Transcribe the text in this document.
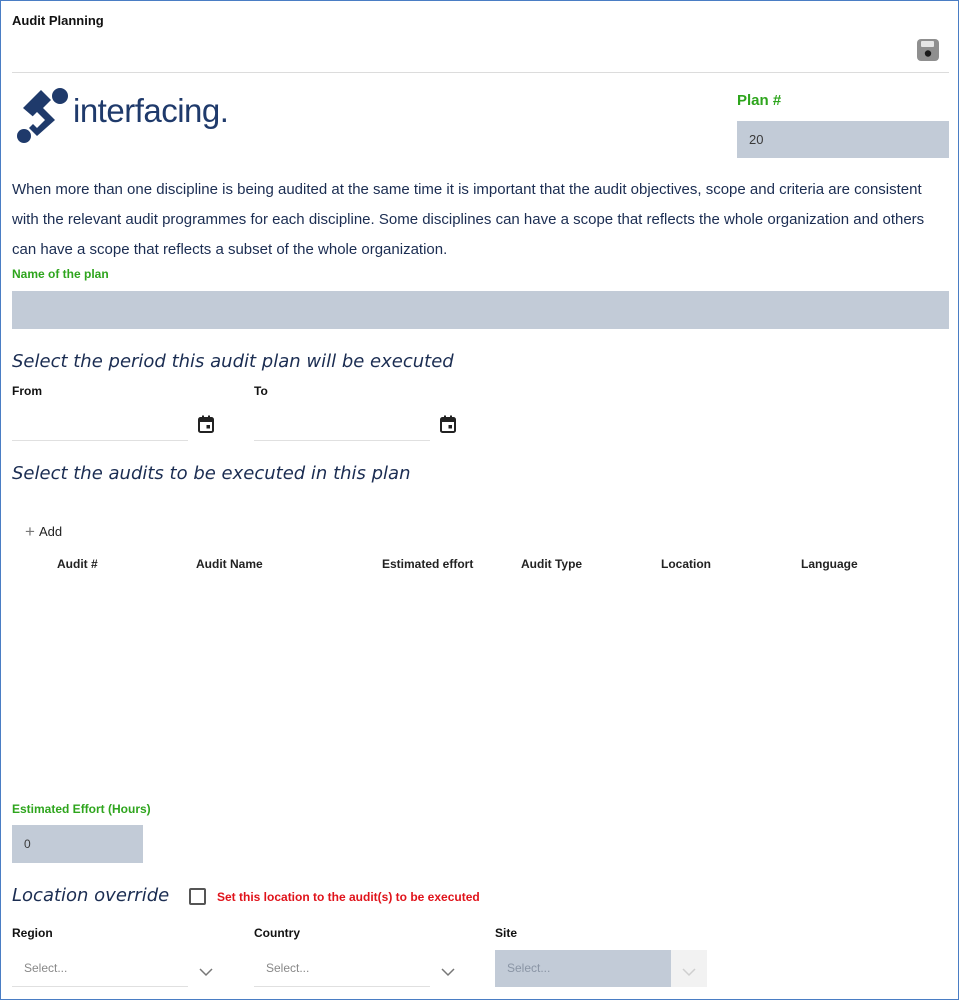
Audit Planning
interfacing.	Plan #
20
When more than one discipline is being audited at the same time it is important that the audit objectives, scope and criteria are consistent with the relevant audit programmes for each discipline. Some disciplines can have a scope that reflects the whole organization and others can have a scope that reflects a subset of the whole organization.
Name of the plan
Select the period this audit plan will be executed
From	To
Select the audits to be executed in this plan
+ Add
Audit #	Audit Name	Estimated effort	Audit Type	Location	Language
Estimated Effort (Hours)
0
Location override	Set this location to the audit(s) to be executed
Region	Country	Site
Select...	Select...	Select...
